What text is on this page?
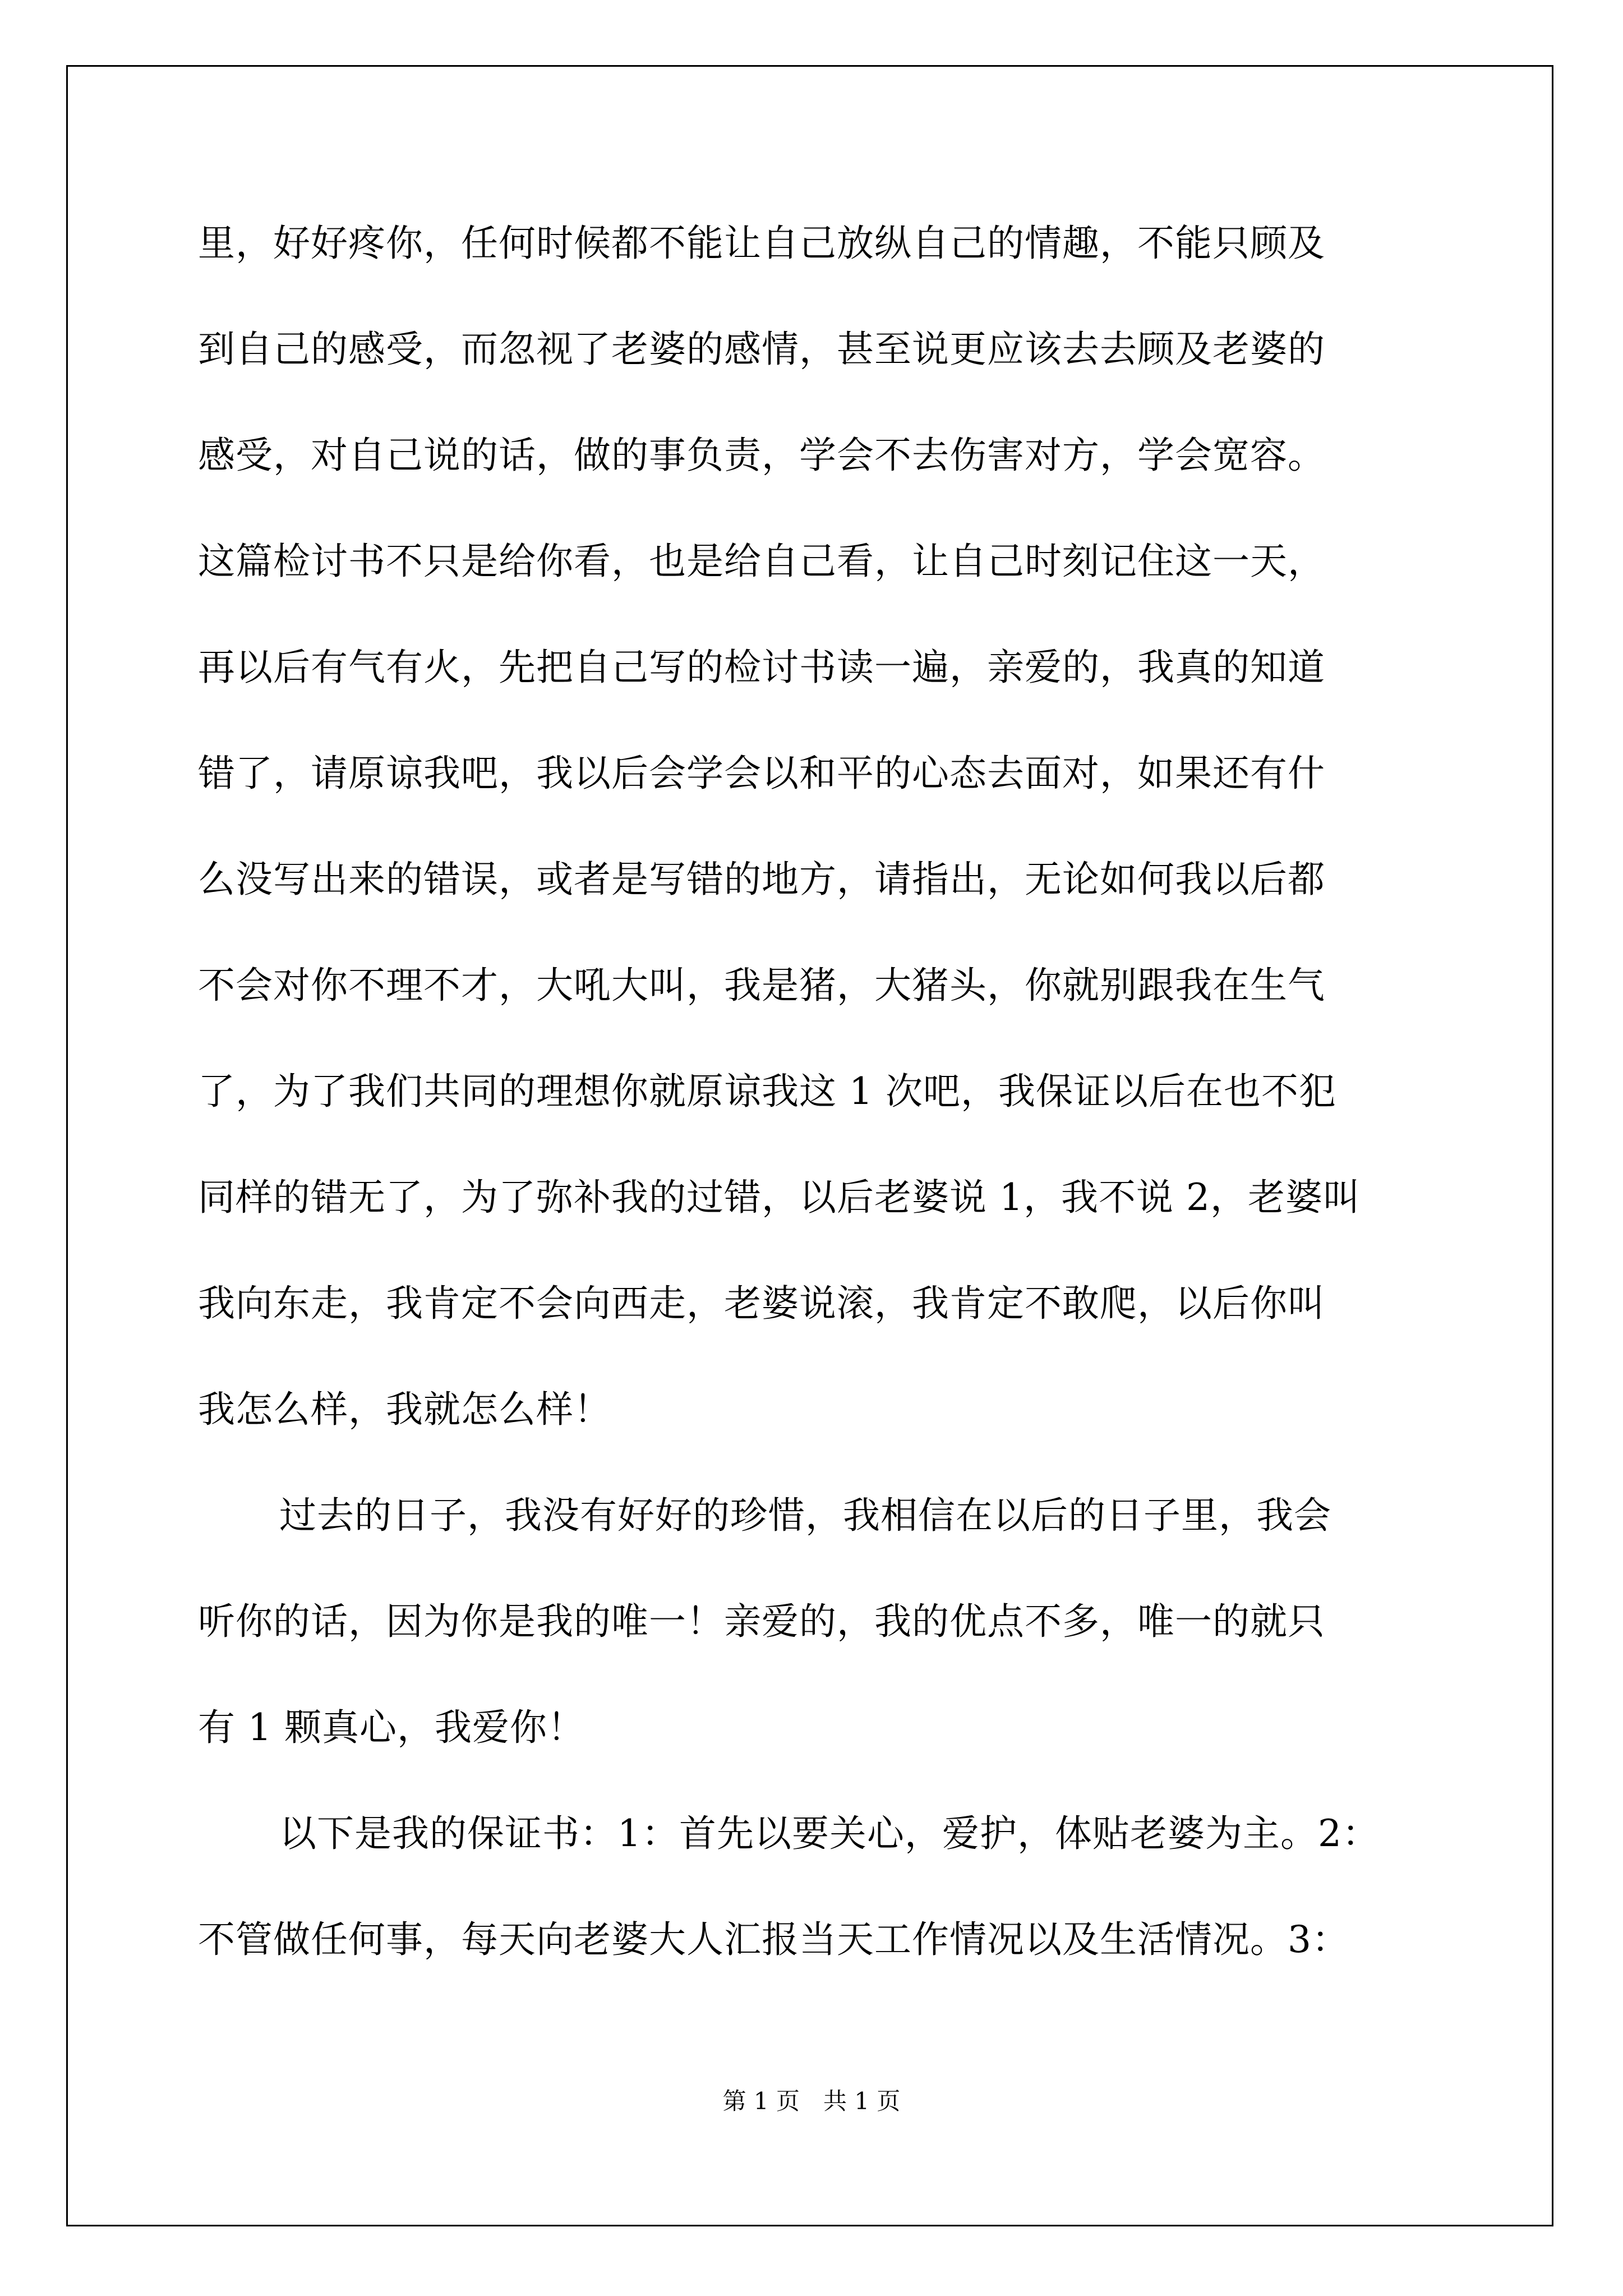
里，好好疼你，任何时候都不能让自己放纵自己的情趣，不能只顾及
到自己的感受，而忽视了老婆的感情，甚至说更应该去去顾及老婆的
感受，对自己说的话，做的事负责，学会不去伤害对方，学会宽容。
这篇检讨书不只是给你看，也是给自己看，让自己时刻记住这一天，
再以后有气有火，先把自己写的检讨书读一遍，亲爱的，我真的知道
错了，请原谅我吧，我以后会学会以和平的心态去面对，如果还有什
么没写出来的错误，或者是写错的地方，请指出，无论如何我以后都
不会对你不理不才，大吼大叫，我是猪，大猪头，你就别跟我在生气
了，为了我们共同的理想你就原谅我这 1 次吧，我保证以后在也不犯
同样的错无了，为了弥补我的过错，以后老婆说 1，我不说 2，老婆叫
我向东走，我肯定不会向西走，老婆说滚，我肯定不敢爬，以后你叫
我怎么样，我就怎么样！
过去的日子，我没有好好的珍惜，我相信在以后的日子里，我会
听你的话，因为你是我的唯一！亲爱的，我的优点不多，唯一的就只
有 1 颗真心，我爱你！
以下是我的保证书：1：首先以要关心，爱护，体贴老婆为主。2：
不管做任何事，每天向老婆大人汇报当天工作情况以及生活情况。3：
第 1 页　共 1 页
